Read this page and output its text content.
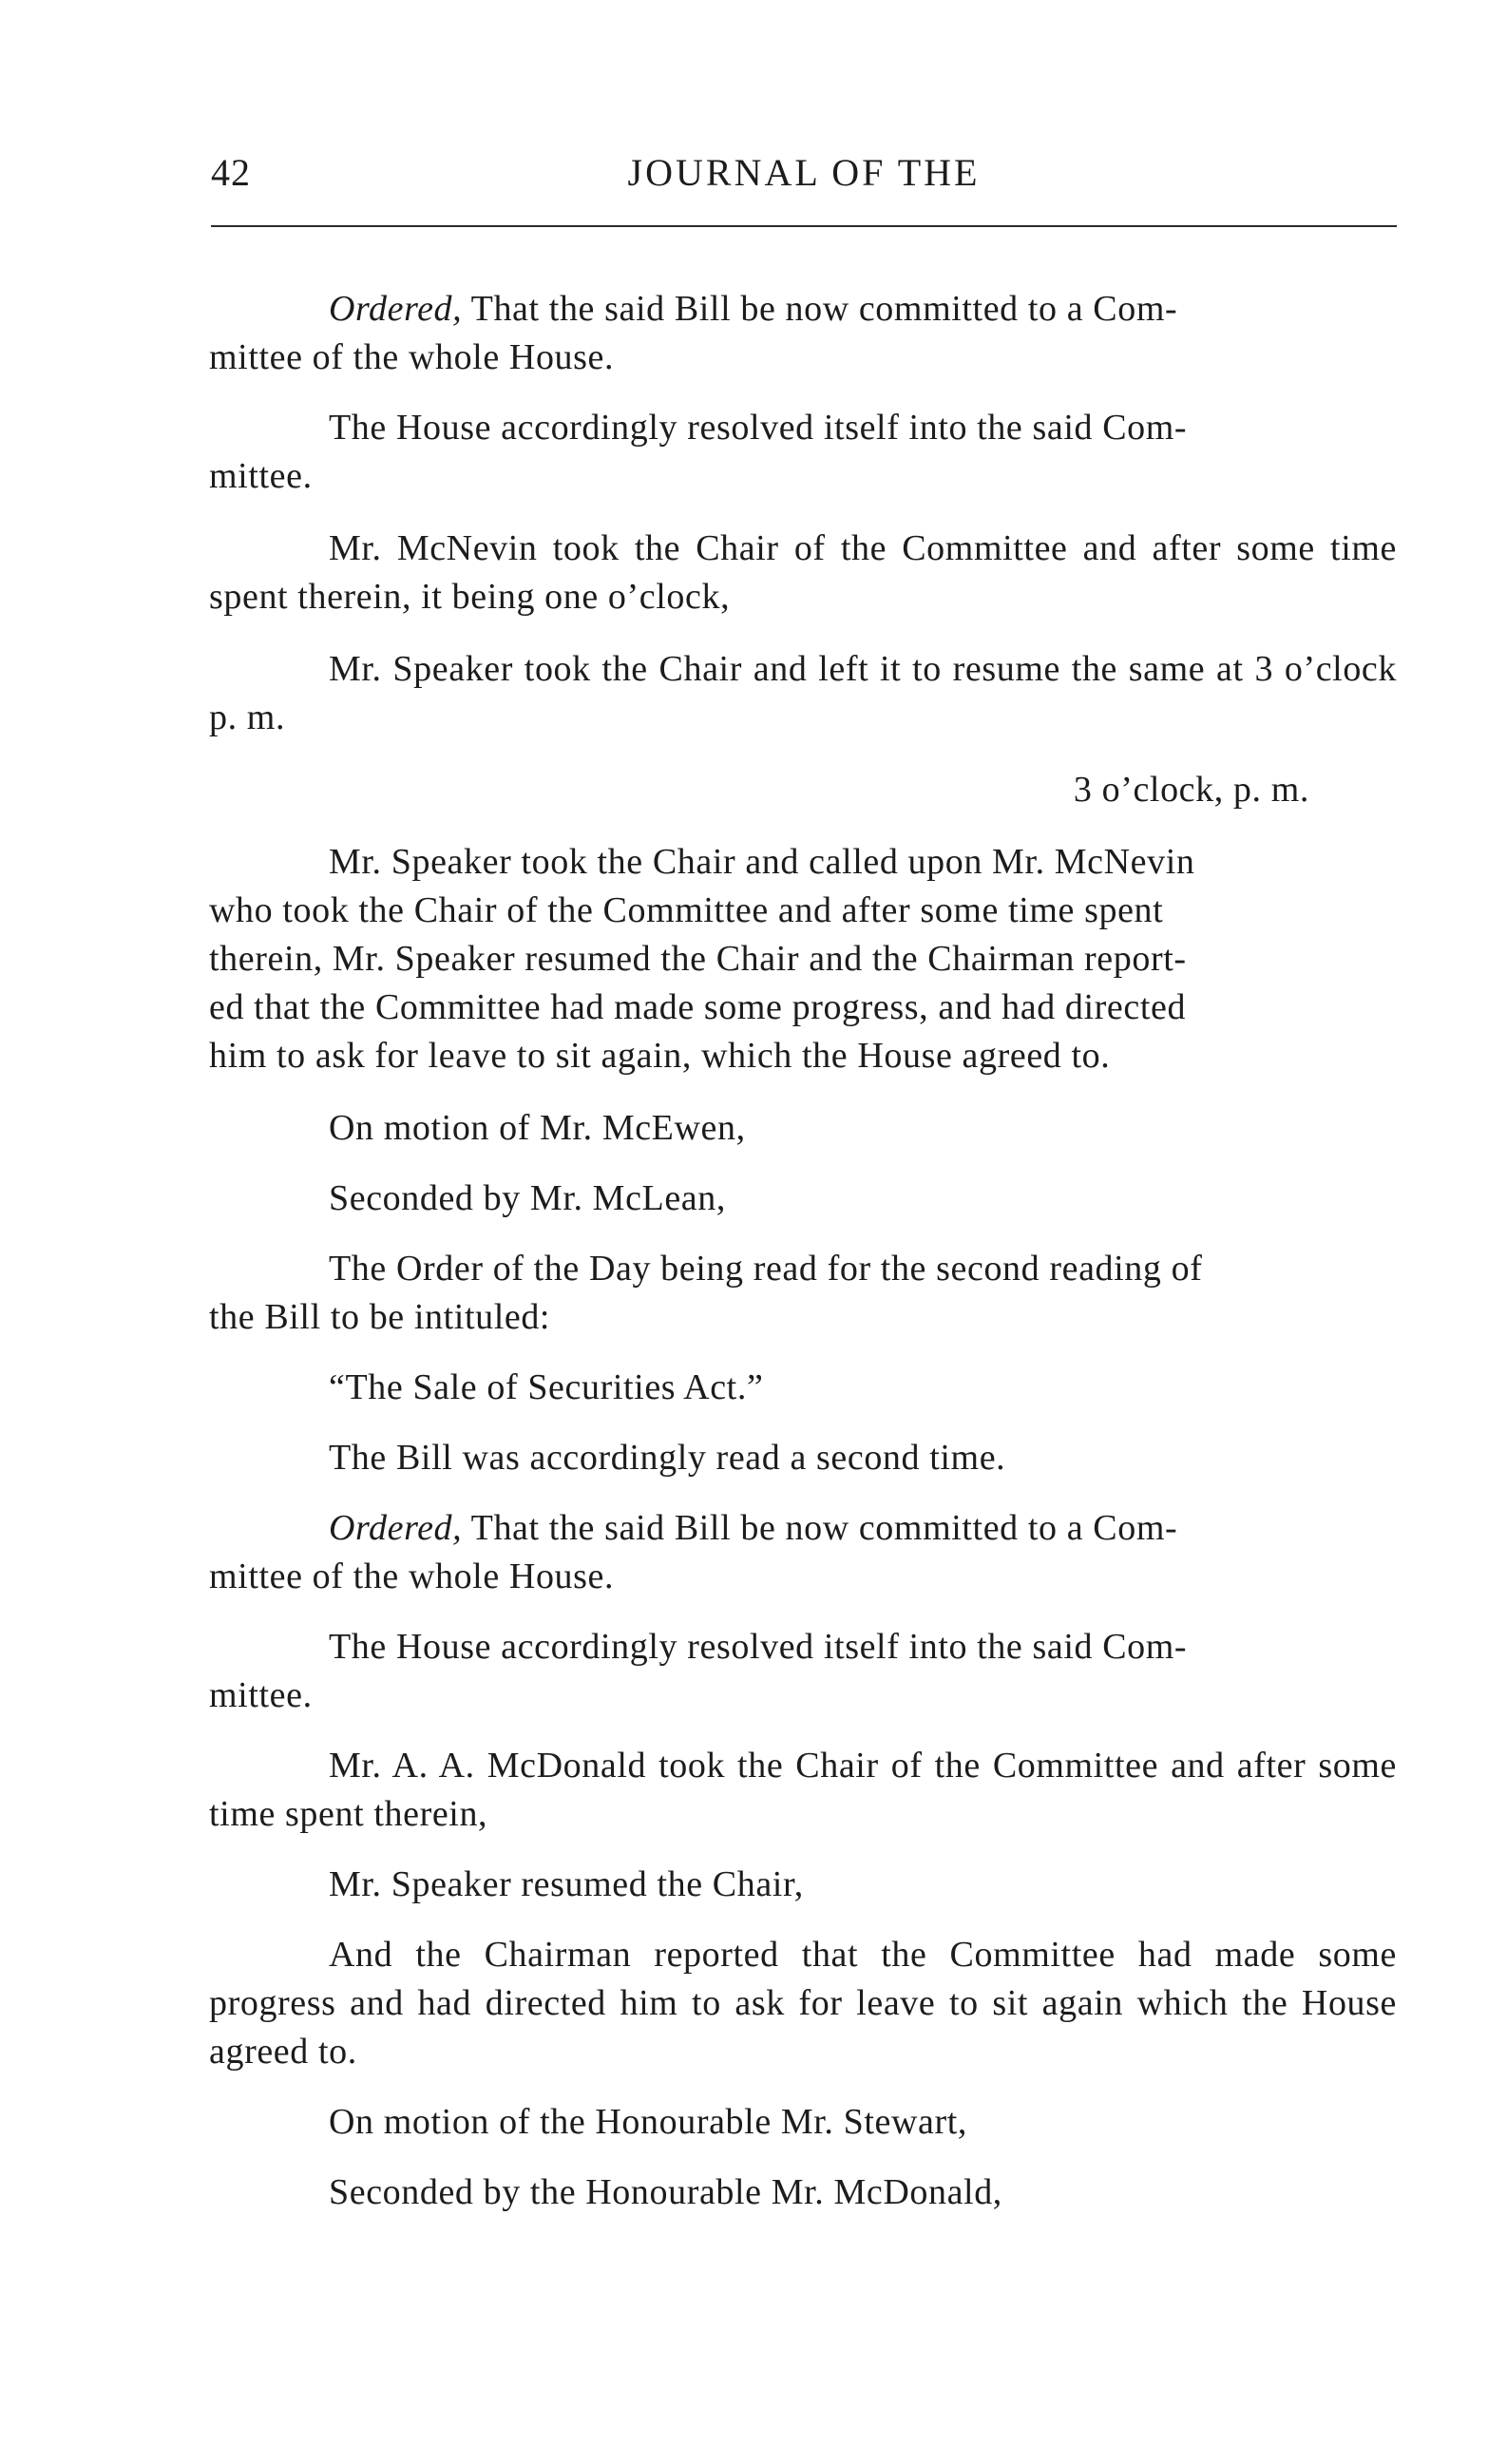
42	JOURNAL OF THE

Ordered, That the said Bill be now committed to a Com-
mittee of the whole House.

The House accordingly resolved itself into the said Com-
mittee.

Mr. McNevin took the Chair of the Committee and after some time spent therein, it being one o’clock,

Mr. Speaker took the Chair and left it to resume the same at 3 o’clock p. m.

3 o’clock, p. m.

Mr. Speaker took the Chair and called upon Mr. McNevin
who took the Chair of the Committee and after some time spent
therein, Mr. Speaker resumed the Chair and the Chairman report-
ed that the Committee had made some progress, and had directed
him to ask for leave to sit again, which the House agreed to.

On motion of Mr. McEwen,

Seconded by Mr. McLean,

The Order of the Day being read for the second reading of
the Bill to be intituled:

“The Sale of Securities Act.”

The Bill was accordingly read a second time.

Ordered, That the said Bill be now committed to a Com-
mittee of the whole House.

The House accordingly resolved itself into the said Com-
mittee.

Mr. A. A. McDonald took the Chair of the Committee and after some time spent therein,

Mr. Speaker resumed the Chair,

And the Chairman reported that the Committee had made some progress and had directed him to ask for leave to sit again which the House agreed to.

On motion of the Honourable Mr. Stewart,

Seconded by the Honourable Mr. McDonald,
